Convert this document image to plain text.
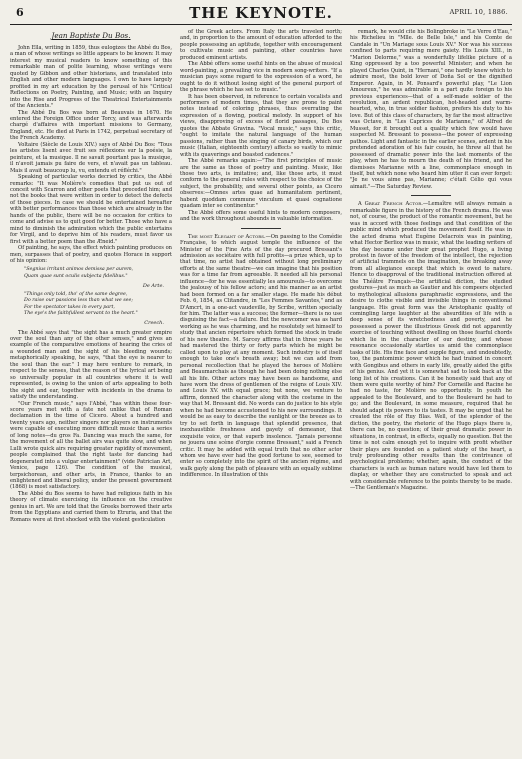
6	THE KEYNOTE.	APRIL 10, 1886.
Jean Baptiste Du Bos.

John Ella, writing in 1859, thus eulogizes the Abbé du Bos, a man of whose writings so little appears to be known: It may interest my musical readers to know something of this remarkable man of polite learning, whose writings were quoted by Gibbon and other historians, and translated into English and other modern languages. I own to have largely profited in my art education by the perusal of his "Critical Reflections on Poetry, Painting, and Music; with an Inquiry into the Rise and Progress of the Theatrical Entertainments of the Ancients."

The Abbé Du Bos was born at Beauvais in 1670. He entered the Foreign Office under Torcy, and was afterwards chargé d'affaires with important missions to Germany, England, etc. He died at Paris in 1742, perpetual secretary of the French Academy.

Voltaire (Siècle de Louis XIV.) says of Abbé Du Bos: "Tous les artistes lisent avec fruit ses réflexions sur la poésie, la peinture, et la musique. Il ne savait pourtant pas la musique, il n'avoit jamais pu faire de vers, et n'avait pas un tableau. Mais il avait beaucoup lu, vu, entendu et réfléchi."

Speaking of particular works decried by critics, the Abbé remarks: "It was Molière's comedies that put us out of conceit with Scarron and other poets that preceded him; and not the books that were written in order to detect the defects of those pieces. In case we should be entertained hereafter with better performances than those which are already in the hands of the public, there will be no occasion for critics to come and advise us to quit good for better. Those who have a mind to diminish the admiration which the public entertains for Virgil, and to deprive him of his readers, must favor us first with a better poem than the Æneid."

Of painting, he says, the effect which painting produces on men, surpasses that of poetry, and quotes Horace in support of his opinion:

"Segnius irritant animos demissa per aurem,
Quam quae sunt oculis subjecta fidelibus."
De Arte.
"Things only told, tho' of the same degree,
Do raise our passions less than what we see;
For the spectator takes in every part,
The eye's the faithfullest servant to the heart."
Creech.

The Abbé says that "the sight has a much greater empire over the soul than any of the other senses," and gives an example of the comparative emotions of hearing the cries of a wounded man and the sight of his bleeding wounds; metaphorically speaking, he says, "that the eye is nearer to the soul than the ear." I may here venture to remark, in respect to the senses, that the reason of the lyrical art being so universally popular in all countries where it is well represented, is owing to the union of arts appealing to both the sight and ear, together with incidents in the drama to satisfy the understanding.

"Our French music," says l'Abbé, "has within these four-score years met with a fate not unlike that of Roman declamation in the time of Cicero. About a hundred and twenty years ago, neither singers nor players on instruments were capable of executing more difficult music than a series of long notes—du gros Fa. Dancing was much the same, for the movement of all the ballet airs was quite slow, and when Lulli wrote quick airs requiring greater rapidity of movement, people complained that the right taste for dancing had degenerated into a vulgar entertainment" (vide Patrician Art, Venice, page 126). The condition of the musical, terpsichorean, and other arts, in France, thanks to an enlightened and liberal policy, under the present government (1868) is most satisfactory.

The Abbé du Bos seems to have had religious faith in his theory of climate exercising its influence on the creative genius in art. We are told that the Greeks borrowed their arts from the Egyptians and carried them to Etruria, and that the Romans were at first shocked with the violent gesticulation

of the Greek actors. From Italy the arts traveled north; and, in proportion to the amount of education afforded to the people possessing an aptitude, together with encouragement to cultivate music and painting, other countries have produced eminent artists.

The Abbé offers some useful hints on the abuse of musical word-painting, a prevailing vice in modern song-writers. "If a musician pays some regard to the expression of a word, he ought to do it without losing sight of the general purport of the phrase which he has set to music."

It has been observed, in reference to certain vocalists and performers of modern times, that they are prone to paint notes instead of coloring phrases, thus overrating the expression of a flowing, poetical melody. In support of his views, disapproving of excess of florid passages, Du Bos quotes the Abbate Gravina. "Vocal music," says this critic, "ought to imitate the natural language of the human passions, rather than the singing of canary birds, which our music (Italian, eighteenth century) affects so vastly to mimic with its quaverings and boasted cadences."

The Abbé remarks again:—"The first principles of music are the same as those of poetry and painting. Music, like those two arts, is imitative; and, like those arts, it must conform to the general rules with respect to the choice of the subject, the probability, and several other points, as Cicero observes:—Omnes artes quae ad humanitatem pertinent, habent quoddam commune vinculum et quasi cognatione quadam inter se continentur."

The Abbé offers some useful hints to modern composers, and the work throughout abounds in valuable information.

The most Elegant of Actors.—On passing to the Comédie Française, to which august temple the influence of the Minister of the Fine Arts of the day procured Bressant's admission as sociétaire with full profits—a prize which, up to that time, no artist had obtained without long preliminary efforts at the same theatre—we can imagine that his position was for a time far from agreeable. It needed all his personal influence—for he was essentially les amoureuls—to overcome the jealousy of his fellow actors; and his manner as an artist had been formed on a far smaller stage. He made his début Feb. 6, 1854, as Clitandre, in "Les Femmes Savantes," and as D'Amcrt, in a one-act vaudeville, by Scribe, written specially for him. The latter was a success; the former—there is no use disguising the fact—a failure. But the newcomer was as hard working as he was charming, and he resolutely set himself to study that ancien répertoire which formed the stock in trade of his new theatre. M. Sarcey affirms that in three years he had mastered the thirty or forty parts which he might be called upon to play at any moment. Such industry is of itself enough to take one's breath away; but we can add from personal recollection that he played the heroes of Molière and Beaumarchais as though he had been doing nothing else all his life. Other actors may have been as handsome, and have worn the dress of gentlemen of the reigns of Louis XIV. and Louis XV. with equal grace; but none, we venture to affirm, donned the character along with the costume in the way that M. Bressant did. No words can do justice to his style when he had become accustomed to his new surroundings. It would be as easy to describe the sunlight or the breeze as to try to set forth in language that splendid presence, that inexhaustible freshness and gayety of demeanor, that exquisite voice, or that superb insolence. "Jamais personne ne jouera une scène d'orgie comme Bressant," said a French critic. It may be added with equal truth that no other actor whom we have ever had the good fortune to see, seemed to enter so completely into the spirit of the ancien régime, and walk gayly along the path of pleasure with an equally sublime indifference. In illustration of this

remark, he would cite his Bolingbroke in "Le Verre d'Eau," his Richelieu in "Mlle. de Belle Isle," and his Comte de Candale in "Un Mariage sous Louis XV." Nor was his success confined to parts requiring mere gaiety. His Louis XIII., in "Marion Delorme," was a wonderfully lifelike picture of a King oppressed by a too powerful Minister; and when he played Charles Quint, in "Hernani," one hardly knew which to admire most, the bold lover of Doña Sol or the dignified Emperor. Again, in M. Ponsard's powerful play, "Le Lion Amoureux," he was admirable in a part quite foreign to his previous experiences—that of a self-made soldier of the revolution, an ardent republican, hot-headed and warm-hearted, who, in true soldier fashion, prefers his duty to his love. But of this class of characters, by far the most attractive was Octave, in "Les Caprices de Marianne," of Alfred de Musset, for it brought out a quality which few would have suspected M. Bressant to possess—the power of expressing pathos. Light and fantastic in the earlier scenes, ardent in his pretended adoration of his fair cousin, he threw all that he possessed of dramatic power into the last moments of the play, when he has to mourn the death of his friend, and he dismisses Marianne with a line, commonplace enough in itself, but which none who heard him utter it can ever forget: "Je ne vous aime pas, Marianne; c'était Célio qui vous aimait."—The Saturday Review.

A Great French Actor.—Lemaître will always remain a remarkable figure in the history of the French drama. He was not, of course, the product of the romantic movement, but he was in accord with those feelings and that condition of the public mind which produced the movement itself. He was in the acted drama what Eugène Delacroix was in painting, what Hector Berlioz was in music, what the leading writers of the day became under their great prophet Hugo, a living protest in favor of the freedom of the intellect, the rejection of artificial trammels on the imagination, the breaking away from all allegiance except that which is owed to nature. Hence to disapproval of the traditional instruction offered at the Théâtre Français—the artificial diction, the studied gestures—just as much as Gautier and his compeers objected to mythological allusions paraphrastic expressions, and the desire to clothe visible and invisible things in conventional language. His great form was the Aristophanic quality of comingling large laughter at the absurdities of life with a deep sense of its wretchedness and poverty, and he possessed a power the illustrious Greek did not apparently exercise of touching without dwelling on those fearful chords which lie in the character of our destiny, and whose resonance occasionally startles us amid the commonplace tasks of life. His fine face and supple figure, and undoubtedly, too, the pantomimic power which he had trained in concert with Gongibus and others in early life, greatly aided the gifts of his genius. And yet it is somewhat sad to look back at the long list of his creations. Can it be honestly said that any of them were quite worthy of him? For Corneille and Racine he had no taste, for Molière no opportunity. In youth he appealed to the Boulevard, and to the Boulevard he had to go; and the Boulevard, in some measure, required that he should adapt its powers to its tastes. It may be urged that he created the rôle of Ruy Blas. Well, of the splendor of the diction, the poetry, the rhetoric of the Hugo plays there is, there can be, no question; of their great dramatic power in situations, in contrast, in effects, equally no question. But the time is not calm enough yet to inquire with profit whether their plays are founded on a patient study of the heart, a truly profounding other results than the contrivance of psychological problems; whether, again, the conduct of the characters is such as human nature would have led them to display, or whether they are constructed to speak and act with considerable reference to the points thereby to be made.—The Gentleman's Magazine.
